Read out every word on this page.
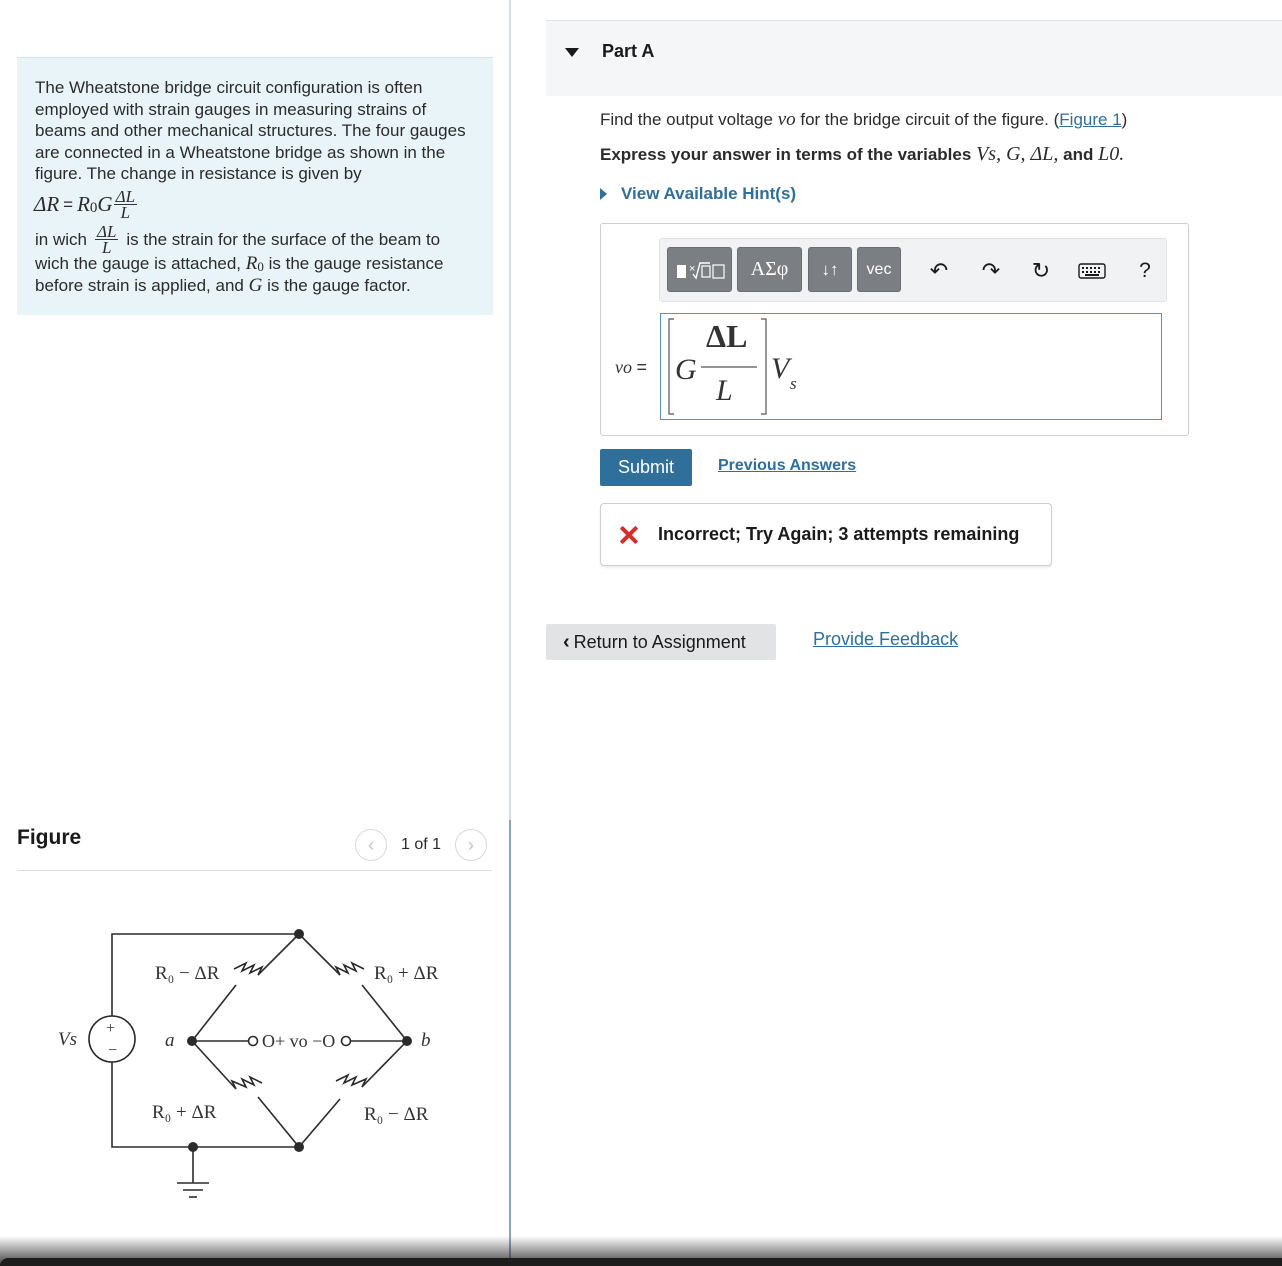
The Wheatstone bridge circuit configuration is often employed with strain gauges in measuring strains of beams and other mechanical structures. The four gauges are connected in a Wheatstone bridge as shown in the figure. The change in resistance is given by

ΔR = R 0 G $\frac{\Delta L}{L}$
in wich $\frac{\Delta L}{L}$ is the strain for the surface of the beam to

wich the gauge is attached, R0 is the gauge resistance
before strain is applied, and G is the gauge factor.

Figure	‹	1 of 1	›
+
−
Vs	a	b
R₀ − ΔR	R₀ + ΔR
R₀ + ΔR	R₀ − ΔR
O+ vo −O
Part A
Find the output voltage vo for the bridge circuit of the figure. (Figure 1)
Express your answer in terms of the variables Vs, G, ΔL, and L0.
View Available Hint(s)
×	ΑΣφ	↓↑	vec	↶ ↷ ↻	?
vo = G
ΔL
L
V s
Submit	Previous Answers
Incorrect; Try Again; 3 attempts remaining
‹ Return to Assignment	Provide Feedback
